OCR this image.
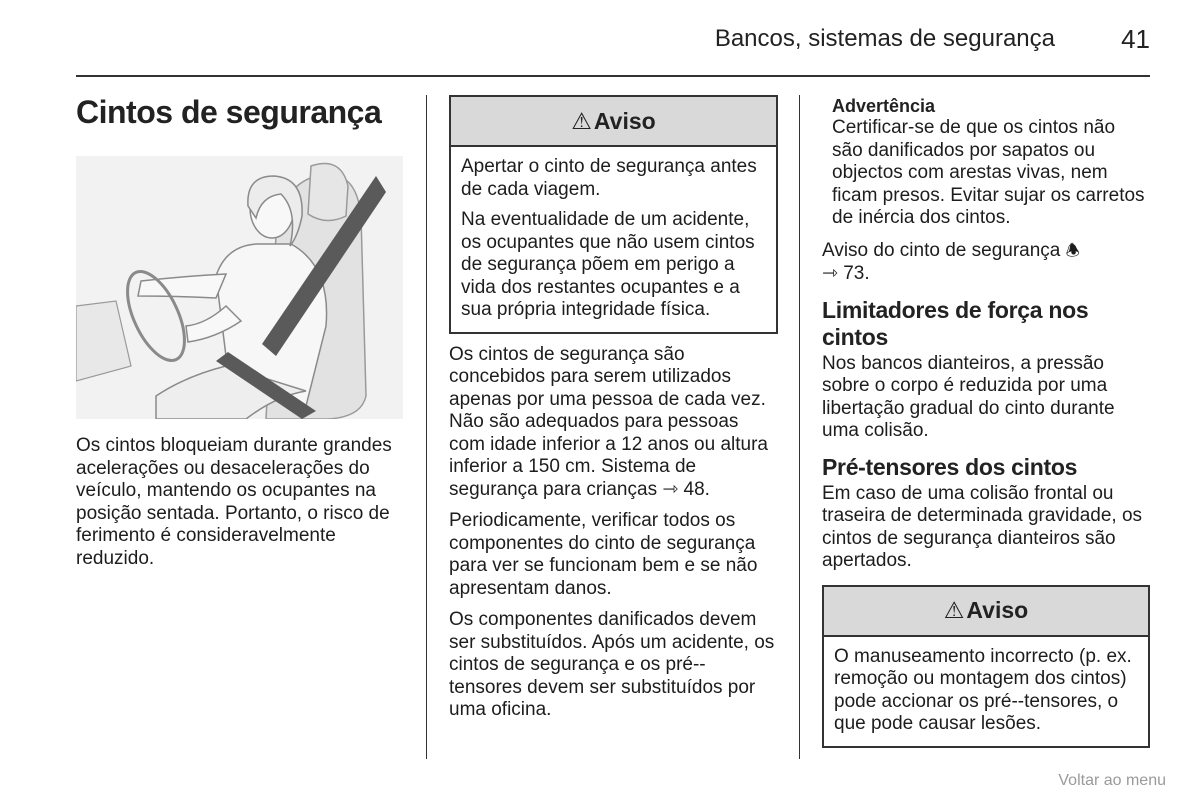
Bancos, sistemas de segurança	41
Cintos de segurança

Os cintos bloqueiam durante grandes acelerações ou desacelerações do veículo, mantendo os ocupantes na posição sentada. Portanto, o risco de ferimento é consideravelmente reduzido.

⚠ Aviso

Apertar o cinto de segurança antes de cada viagem.

Na eventualidade de um acidente, os ocupantes que não usem cintos de segurança põem em perigo a vida dos restantes ocupantes e a sua própria integridade física.

Os cintos de segurança são concebidos para serem utilizados apenas por uma pessoa de cada vez. Não são adequados para pessoas com idade inferior a 12 anos ou altura inferior a 150 cm. Sistema de segurança para crianças ⇾ 48.

Periodicamente, verificar todos os componentes do cinto de segurança para ver se funcionam bem e se não apresentam danos.

Os componentes danificados devem ser substituídos. Após um acidente, os cintos de segurança e os pré--tensores devem ser substituídos por uma oficina.

Advertência

Certificar-se de que os cintos não são danificados por sapatos ou objectos com arestas vivas, nem ficam presos. Evitar sujar os carretos de inércia dos cintos.

Aviso do cinto de segurança 🕭
⇾ 73.

Limitadores de força nos cintos

Nos bancos dianteiros, a pressão sobre o corpo é reduzida por uma libertação gradual do cinto durante uma colisão.

Pré-tensores dos cintos

Em caso de uma colisão frontal ou traseira de determinada gravidade, os cintos de segurança dianteiros são apertados.

⚠ Aviso

O manuseamento incorrecto (p. ex. remoção ou montagem dos cintos) pode accionar os pré--tensores, o que pode causar lesões.

Voltar ao menu
